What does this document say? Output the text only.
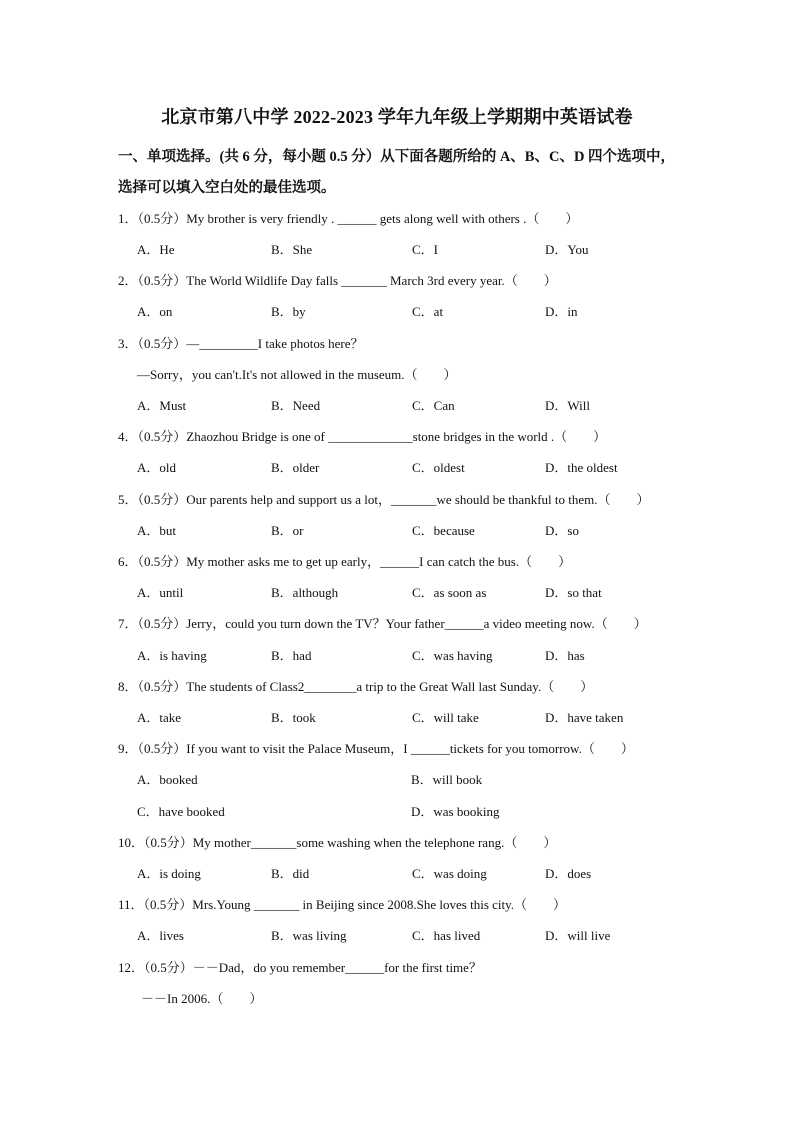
北京市第八中学 2022-2023 学年九年级上学期期中英语试卷
一、单项选择。(共 6 分，每小题 0.5 分）从下面各题所给的 A、B、C、D 四个选项中，选择可以填入空白处的最佳选项。
1．（0.5分）My brother is very friendly . ______ gets along well with others .（　　）
A．He	B．She	C．I	D．You
2．（0.5分）The World Wildlife Day falls _______ March 3rd every year.（　　）
A．on	B．by	C．at	D．in
3．（0.5分）—_________I take photos here？
—Sorry，you can't.It's not allowed in the museum.（　　）
A．Must	B．Need	C．Can	D．Will
4．（0.5分）Zhaozhou Bridge is one of _____________stone bridges in the world .（　　）
A．old	B．older	C．oldest	D．the oldest
5．（0.5分）Our parents help and support us a lot，_______we should be thankful to them.（　　）
A．but	B．or	C．because	D．so
6．（0.5分）My mother asks me to get up early，______I can catch the bus.（　　）
A．until	B．although	C．as soon as	D．so that
7．（0.5分）Jerry，could you turn down the TV？Your father______a video meeting now.（　　）
A．is having	B．had	C．was having	D．has
8．（0.5分）The students of Class2________a trip to the Great Wall last Sunday.（　　）
A．take	B．took	C．will take	D．have taken
9．（0.5分）If you want to visit the Palace Museum，I ______tickets for you tomorrow.（　　）
A．booked	B．will book
C．have booked	D．was booking
10．（0.5分）My mother_______some washing when the telephone rang.（　　）
A．is doing	B．did	C．was doing	D．does
11．（0.5分）Mrs.Young _______ in Beijing since 2008.She loves this city.（　　）
A．lives	B．was living	C．has lived	D．will live
12．（0.5分）－－Dad，do you remember______for the first time？
－－In 2006.（　　）
